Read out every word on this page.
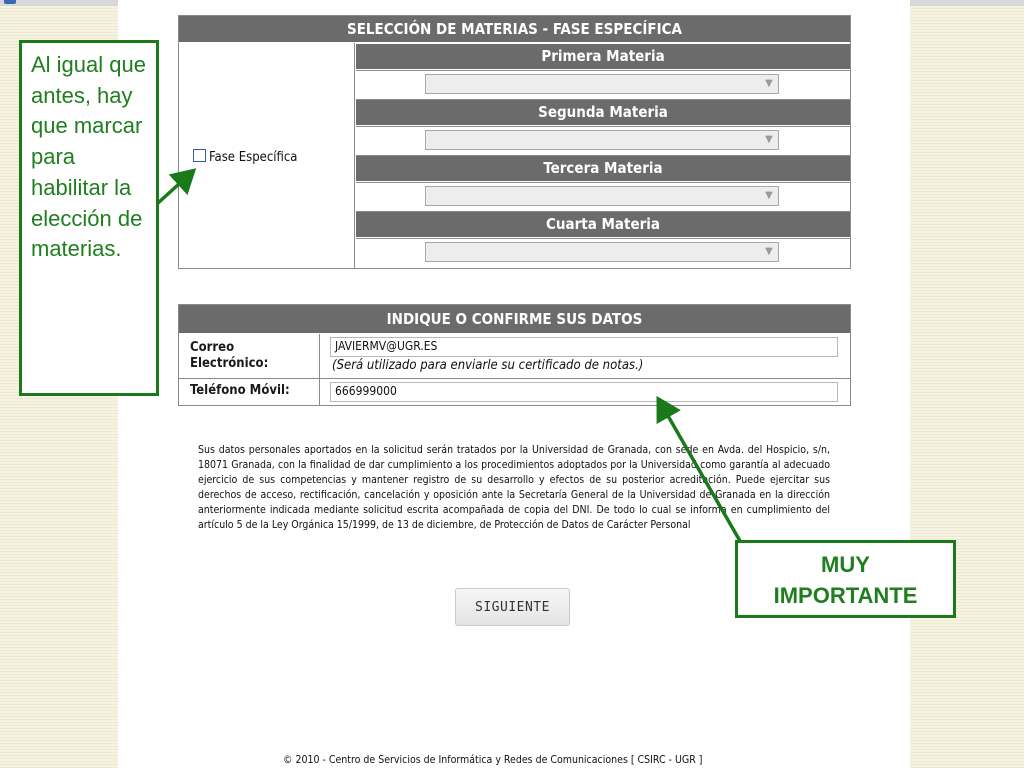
SELECCIÓN DE MATERIAS - FASE ESPECÍFICA
Fase Específica
Primera Materia
▼
Segunda Materia
▼
Tercera Materia
▼
Cuarta Materia
▼
INDIQUE O CONFIRME SUS DATOS
Correo
Electrónico:
JAVIERMV@UGR.ES
(Será utilizado para enviarle su certificado de notas.)
Teléfono Móvil:	666999000
Sus datos personales aportados en la solicitud serán tratados por la Universidad de Granada, con sede en Avda. del Hospicio, s/n, 18071 Granada, con la finalidad de dar cumplimiento a los procedimientos adoptados por la Universidad como garantía al adecuado ejercicio de sus competencias y mantener registro de su desarrollo y efectos de su posterior acreditación. Puede ejercitar sus derechos de acceso, rectificación, cancelación y oposición ante la Secretaría General de la Universidad de Granada en la dirección anteriormente indicada mediante solicitud escrita acompañada de copia del DNI. De todo lo cual se informa en cumplimiento del artículo 5 de la Ley Orgánica 15/1999, de 13 de diciembre, de Protección de Datos de Carácter Personal
SIGUIENTE
© 2010 - Centro de Servicios de Informática y Redes de Comunicaciones [ CSIRC - UGR ]
Al igual que antes, hay que marcar para habilitar la elección de materias.
MUY
IMPORTANTE
